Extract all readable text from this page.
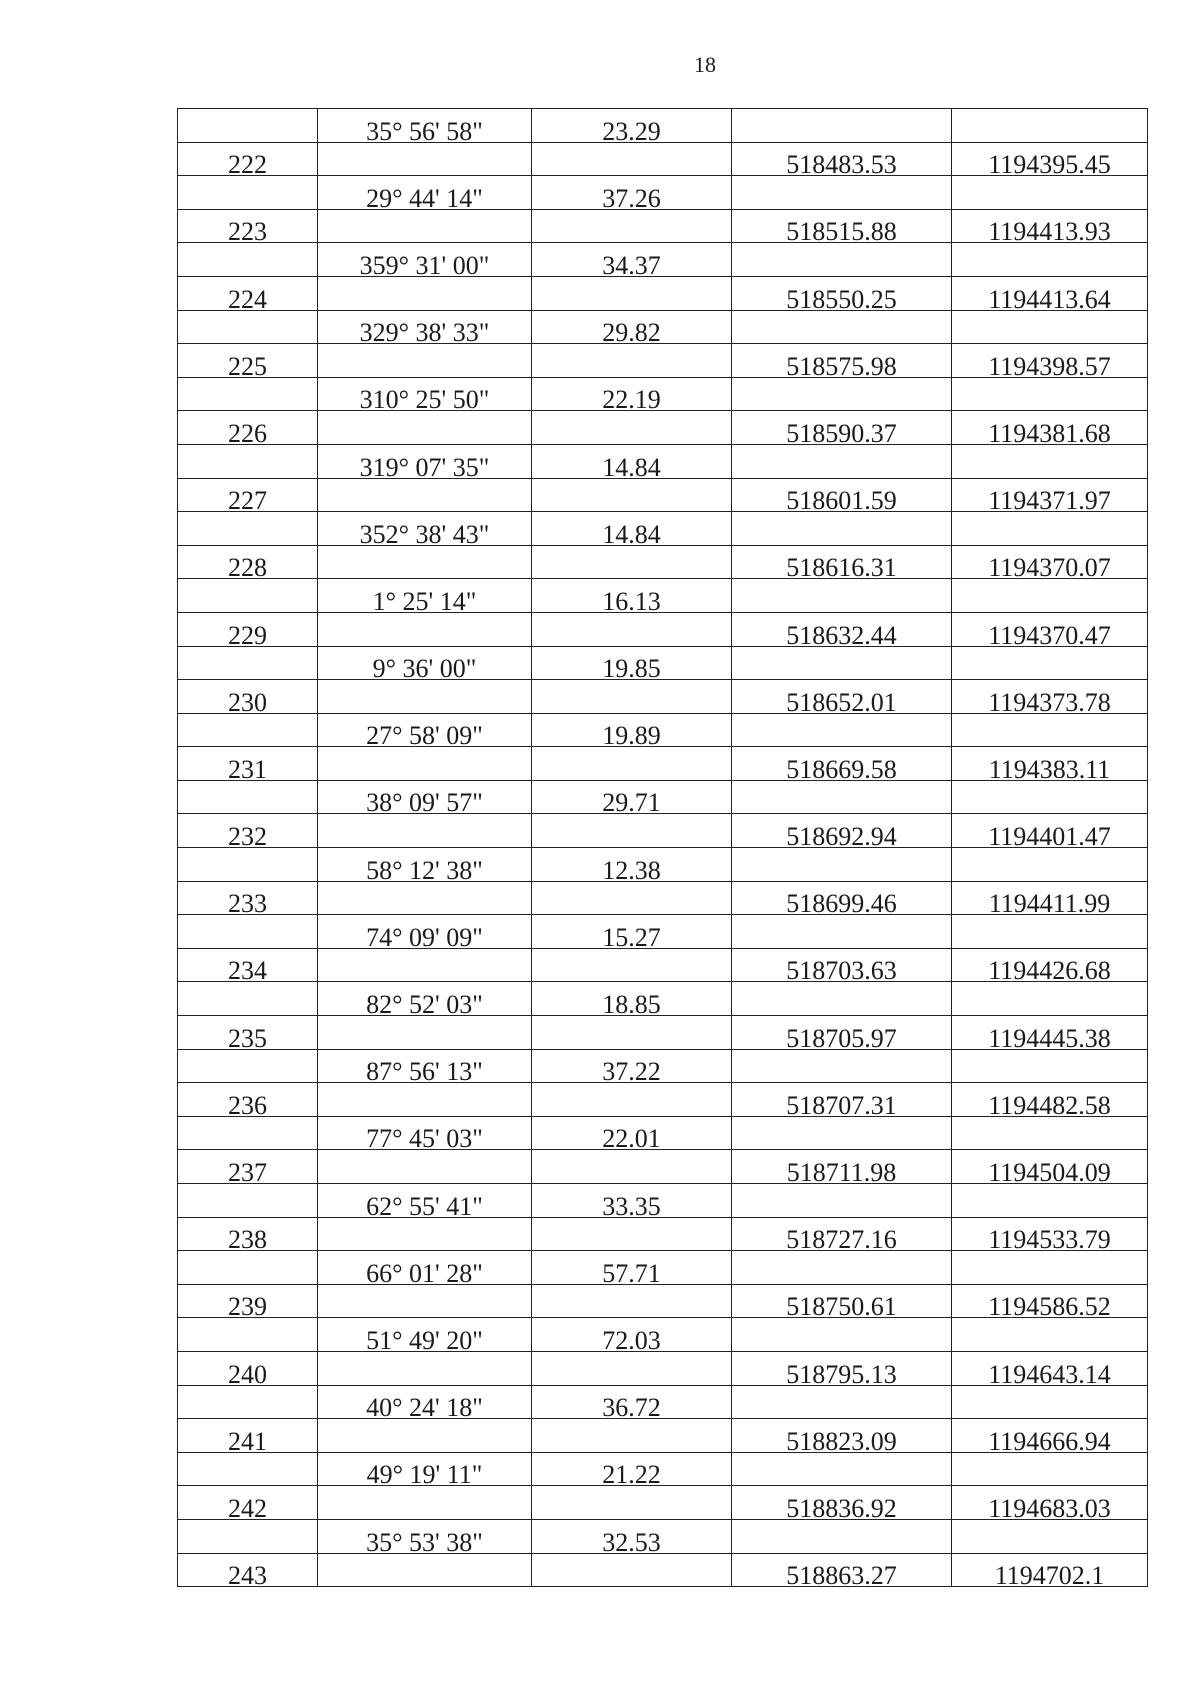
18
	35° 56' 58"	23.29		
222			518483.53	1194395.45
	29° 44' 14"	37.26		
223			518515.88	1194413.93
	359° 31' 00"	34.37		
224			518550.25	1194413.64
	329° 38' 33"	29.82		
225			518575.98	1194398.57
	310° 25' 50"	22.19		
226			518590.37	1194381.68
	319° 07' 35"	14.84		
227			518601.59	1194371.97
	352° 38' 43"	14.84		
228			518616.31	1194370.07
	1° 25' 14"	16.13		
229			518632.44	1194370.47
	9° 36' 00"	19.85		
230			518652.01	1194373.78
	27° 58' 09"	19.89		
231			518669.58	1194383.11
	38° 09' 57"	29.71		
232			518692.94	1194401.47
	58° 12' 38"	12.38		
233			518699.46	1194411.99
	74° 09' 09"	15.27		
234			518703.63	1194426.68
	82° 52' 03"	18.85		
235			518705.97	1194445.38
	87° 56' 13"	37.22		
236			518707.31	1194482.58
	77° 45' 03"	22.01		
237			518711.98	1194504.09
	62° 55' 41"	33.35		
238			518727.16	1194533.79
	66° 01' 28"	57.71		
239			518750.61	1194586.52
	51° 49' 20"	72.03		
240			518795.13	1194643.14
	40° 24' 18"	36.72		
241			518823.09	1194666.94
	49° 19' 11"	21.22		
242			518836.92	1194683.03
	35° 53' 38"	32.53		
243			518863.27	1194702.1
